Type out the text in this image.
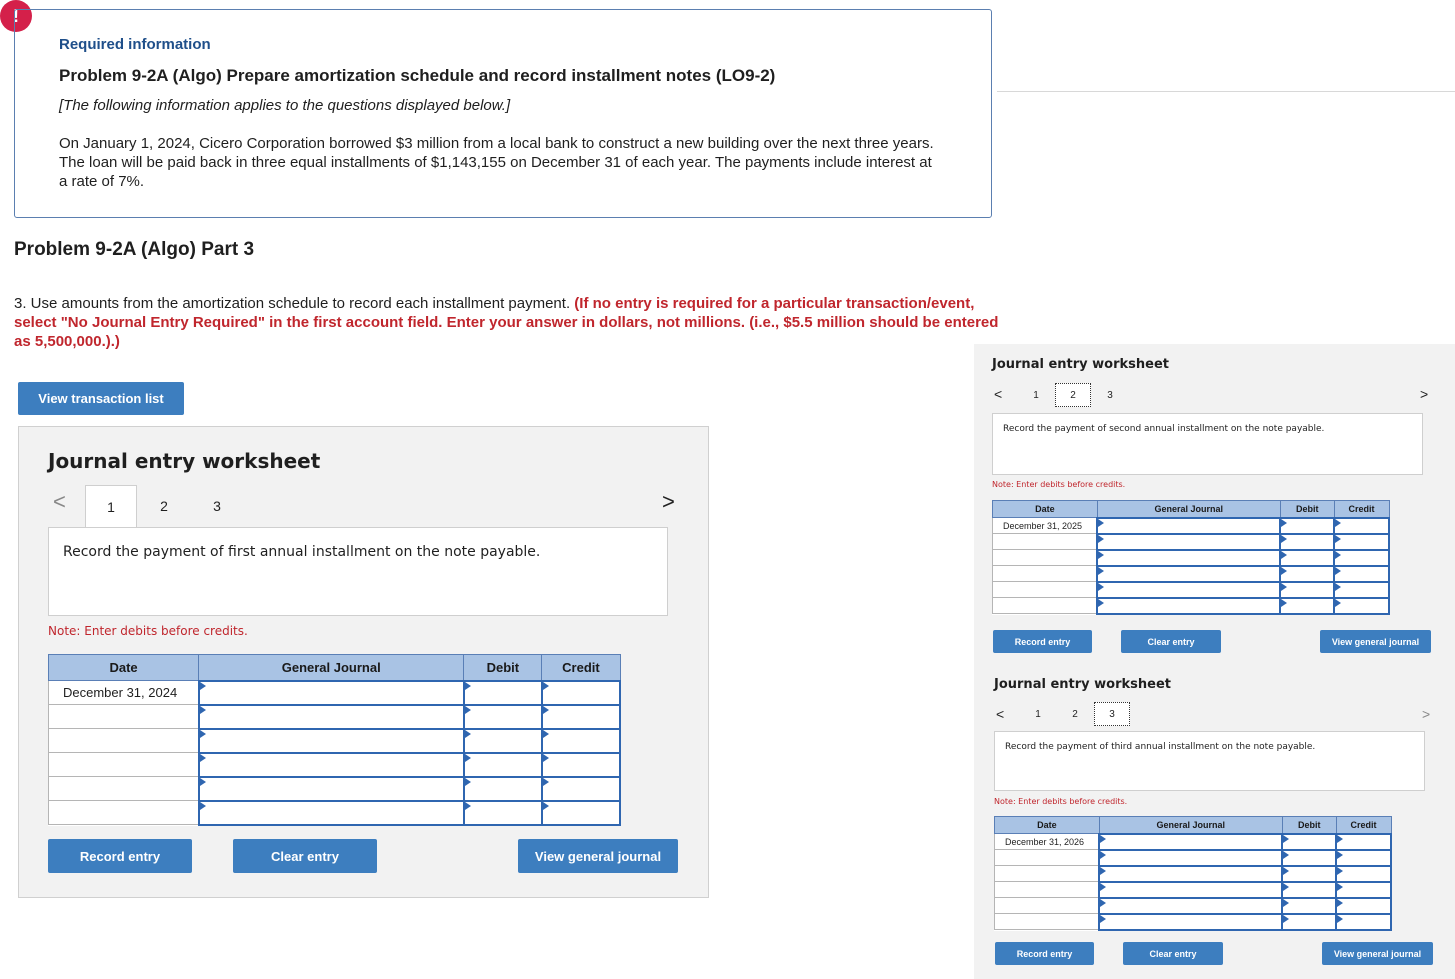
!
Required information
Problem 9-2A (Algo) Prepare amortization schedule and record installment notes (LO9-2)
[The following information applies to the questions displayed below.]
On January 1, 2024, Cicero Corporation borrowed $3 million from a local bank to construct a new building over the next three years. The loan will be paid back in three equal installments of $1,143,155 on December 31 of each year. The payments include interest at a rate of 7%.
Problem 9-2A (Algo) Part 3
3. Use amounts from the amortization schedule to record each installment payment. (If no entry is required for a particular transaction/event, select "No Journal Entry Required" in the first account field. Enter your answer in dollars, not millions. (i.e., $5.5 million should be entered as 5,500,000.).)
View transaction list
Journal entry worksheet
<	1	2	3	>
Record the payment of first annual installment on the note payable.
Note: Enter debits before credits.
Date	General Journal	Debit	Credit
December 31, 2024			

Record entry	Clear entry	View general journal
Journal entry worksheet
<	1	2	3	>
Record the payment of second annual installment on the note payable.
Note: Enter debits before credits.
Date	General Journal	Debit	Credit
December 31, 2025			

Record entry	Clear entry	View general journal
Journal entry worksheet
<	1	2	3	>
Record the payment of third annual installment on the note payable.
Note: Enter debits before credits.
Date	General Journal	Debit	Credit
December 31, 2026			

Record entry	Clear entry	View general journal
